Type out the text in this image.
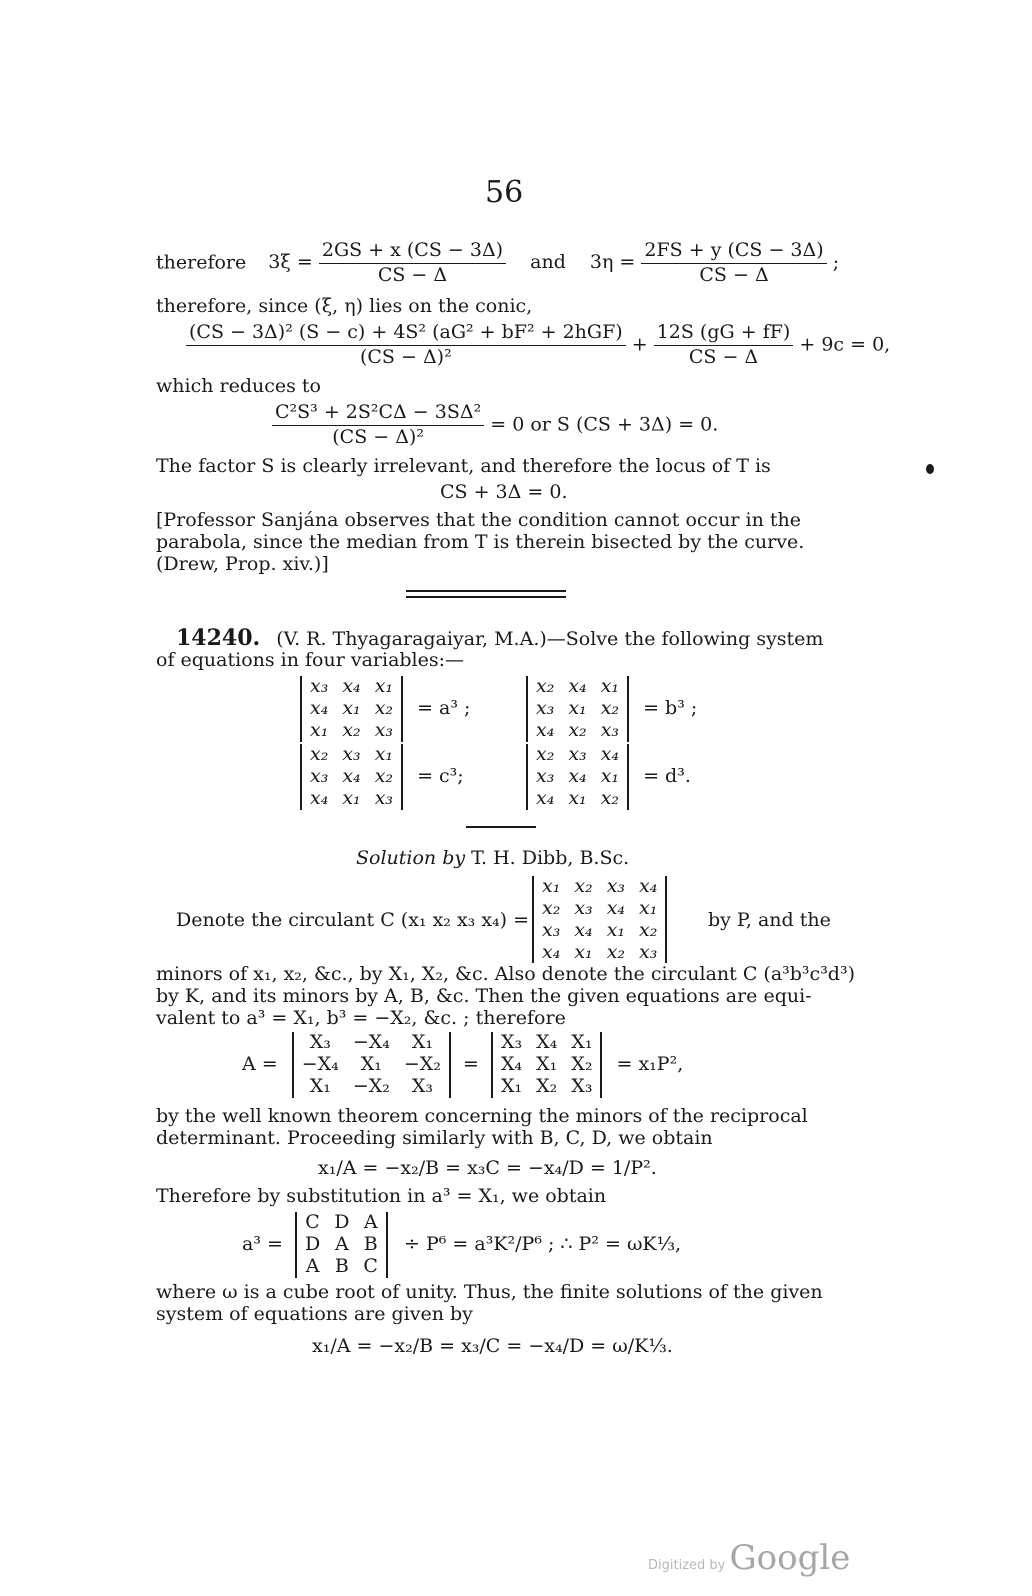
56
therefore $3\xi = \frac{2GS + x (CS - 3\Delta)}{CS - \Delta}$ and $3\eta = \frac{2FS + y (CS - 3\Delta)}{CS - \Delta}$ ;
therefore, since (ξ, η) lies on the conic,
$\frac{\text{(CS − 3Δ)² (S − c) + 4S² (aG² + bF² + 2hGF)}}{\text{(CS − Δ)²}} + \frac{12S (gG + fF)}{CS - \Delta} + 9c = 0$,
which reduces to
$\frac{\text{C²S³ + 2S²CΔ − 3SΔ²}}{\text{(CS − Δ)²}} = 0$ or S (CS + 3Δ) = 0.
The factor S is clearly irrelevant, and therefore the locus of T is
CS + 3Δ = 0.
[Professor Sanjána observes that the condition cannot occur in the
parabola, since the median from T is therein bisected by the curve.
(Drew, Prop. xiv.)]
14240. (V. R. Thyagaragaiyar, M.A.)—Solve the following system
of equations in four variables:—
x₃ x₄ x₁
x₄ x₁ x₂
x₁ x₂ x₃
= a³ ;
x₂ x₄ x₁
x₃ x₁ x₂
x₄ x₂ x₃
= b³ ;
x₂ x₃ x₁
x₃ x₄ x₂
x₄ x₁ x₃
= c³;
x₂ x₃ x₄
x₃ x₄ x₁
x₄ x₁ x₂
= d³.
Solution by T. H. Dibb, B.Sc.
Denote the circulant C (x₁ x₂ x₃ x₄) =
x₁ x₂ x₃ x₄
x₂ x₃ x₄ x₁
x₃ x₄ x₁ x₂
x₄ x₁ x₂ x₃
by P, and the
minors of x₁, x₂, &c., by X₁, X₂, &c. Also denote the circulant C (a³b³c³d³)
by K, and its minors by A, B, &c. Then the given equations are equi-
valent to a³ = X₁, b³ = −X₂, &c. ; therefore
A =
X₃	−X₄	X₁
−X₄	X₁	−X₂
X₁	−X₂	X₃
=
X₃ X₄ X₁
X₄ X₁ X₂
X₁ X₂ X₃
= x₁P²,
by the well known theorem concerning the minors of the reciprocal
determinant. Proceeding similarly with B, C, D, we obtain
x₁/A = −x₂/B = x₃C = −x₄/D = 1/P².
Therefore by substitution in a³ = X₁, we obtain
a³ =
C D A
D A B
A B C
÷ P⁶ = a³K²/P⁶ ; ∴ P² = ωK⅓,
where ω is a cube root of unity. Thus, the finite solutions of the given
system of equations are given by
x₁/A = −x₂/B = x₃/C = −x₄/D = ω/K⅓.
Digitized by Google
